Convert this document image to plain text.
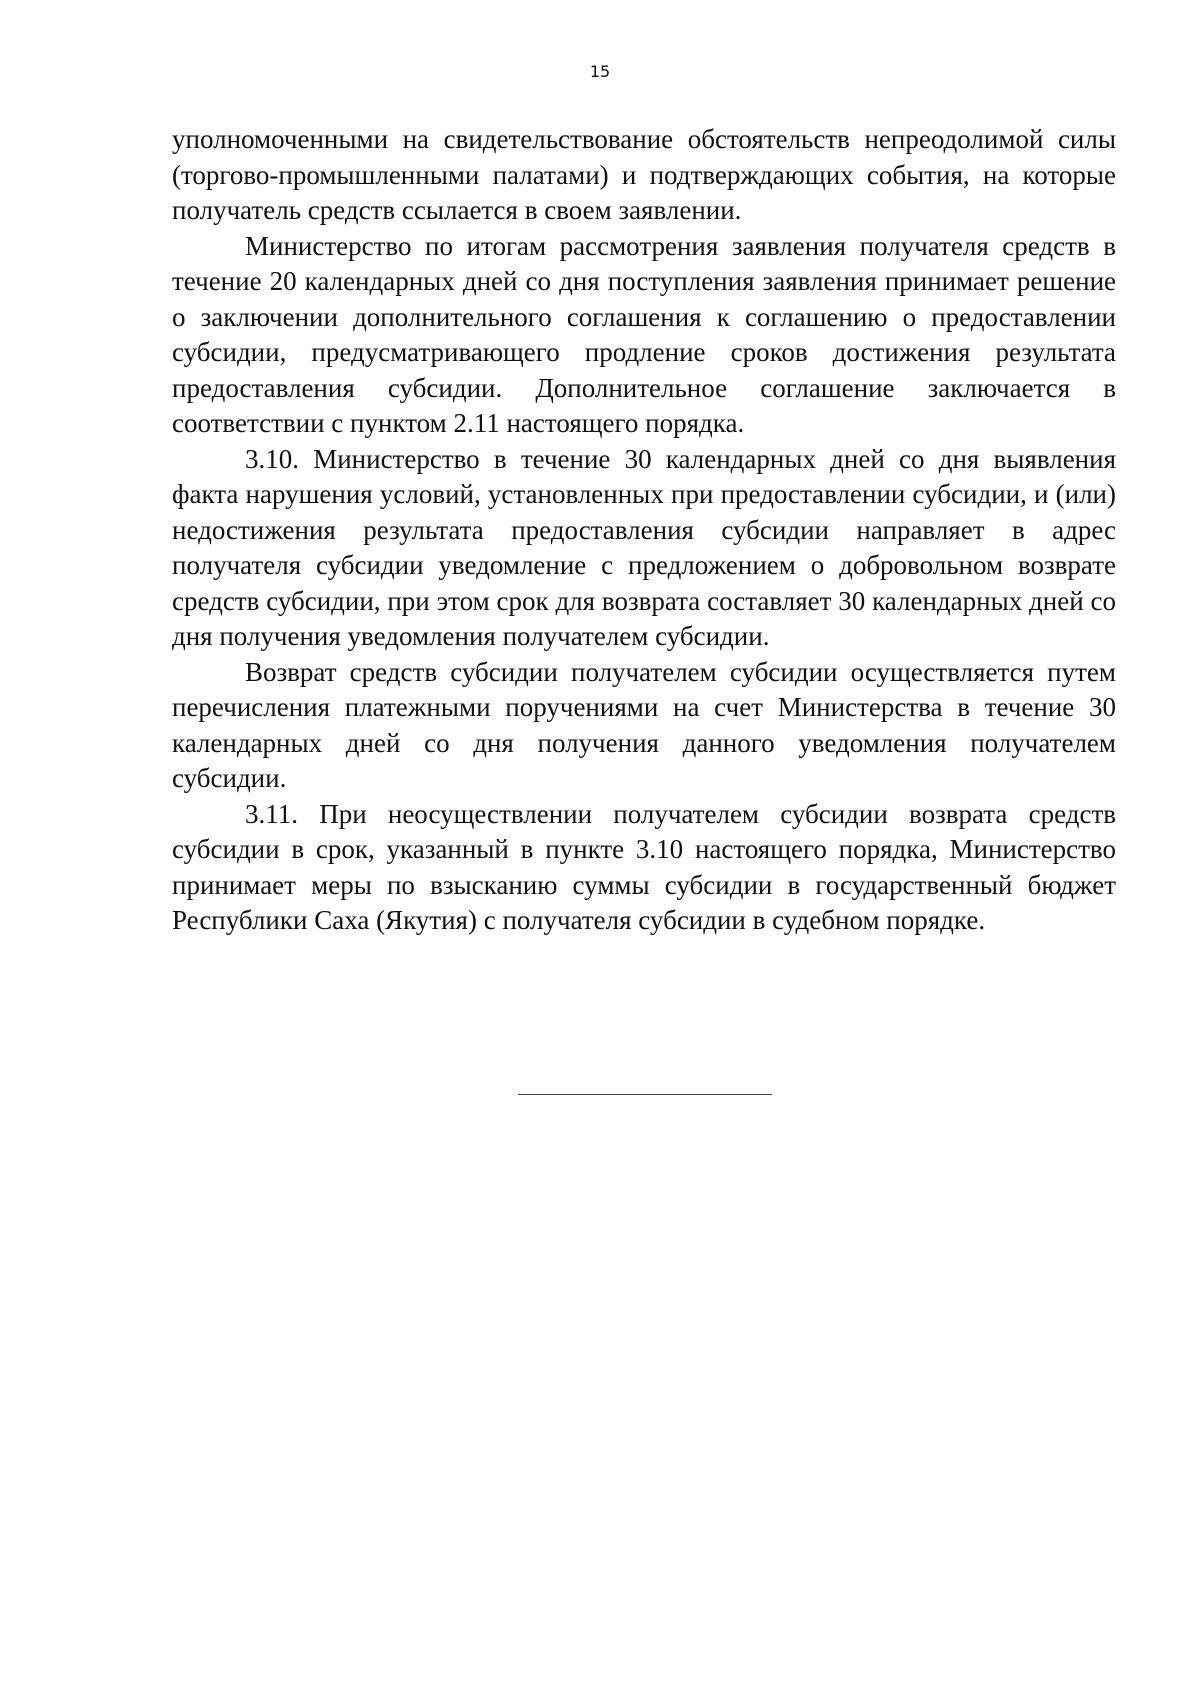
15

уполномоченными на свидетельствование обстоятельств непреодолимой силы (торгово-промышленными палатами) и подтверждающих события, на которые получатель средств ссылается в своем заявлении.

Министерство по итогам рассмотрения заявления получателя средств в течение 20 календарных дней со дня поступления заявления принимает решение о заключении дополнительного соглашения к соглашению о предоставлении субсидии, предусматривающего продление сроков достижения результата предоставления субсидии. Дополнительное соглашение заключается в соответствии с пунктом 2.11 настоящего порядка.

3.10. Министерство в течение 30 календарных дней со дня выявления факта нарушения условий, установленных при предоставлении субсидии, и (или) недостижения результата предоставления субсидии направляет в адрес получателя субсидии уведомление с предложением о добровольном возврате средств субсидии, при этом срок для возврата составляет 30 календарных дней со дня получения уведомления получателем субсидии.

Возврат средств субсидии получателем субсидии осуществляется путем перечисления платежными поручениями на счет Министерства в течение 30 календарных дней со дня получения данного уведомления получателем субсидии.

3.11. При неосуществлении получателем субсидии возврата средств субсидии в срок, указанный в пункте 3.10 настоящего порядка, Министерство принимает меры по взысканию суммы субсидии в государственный бюджет Республики Саха (Якутия) с получателя субсидии в судебном порядке.
